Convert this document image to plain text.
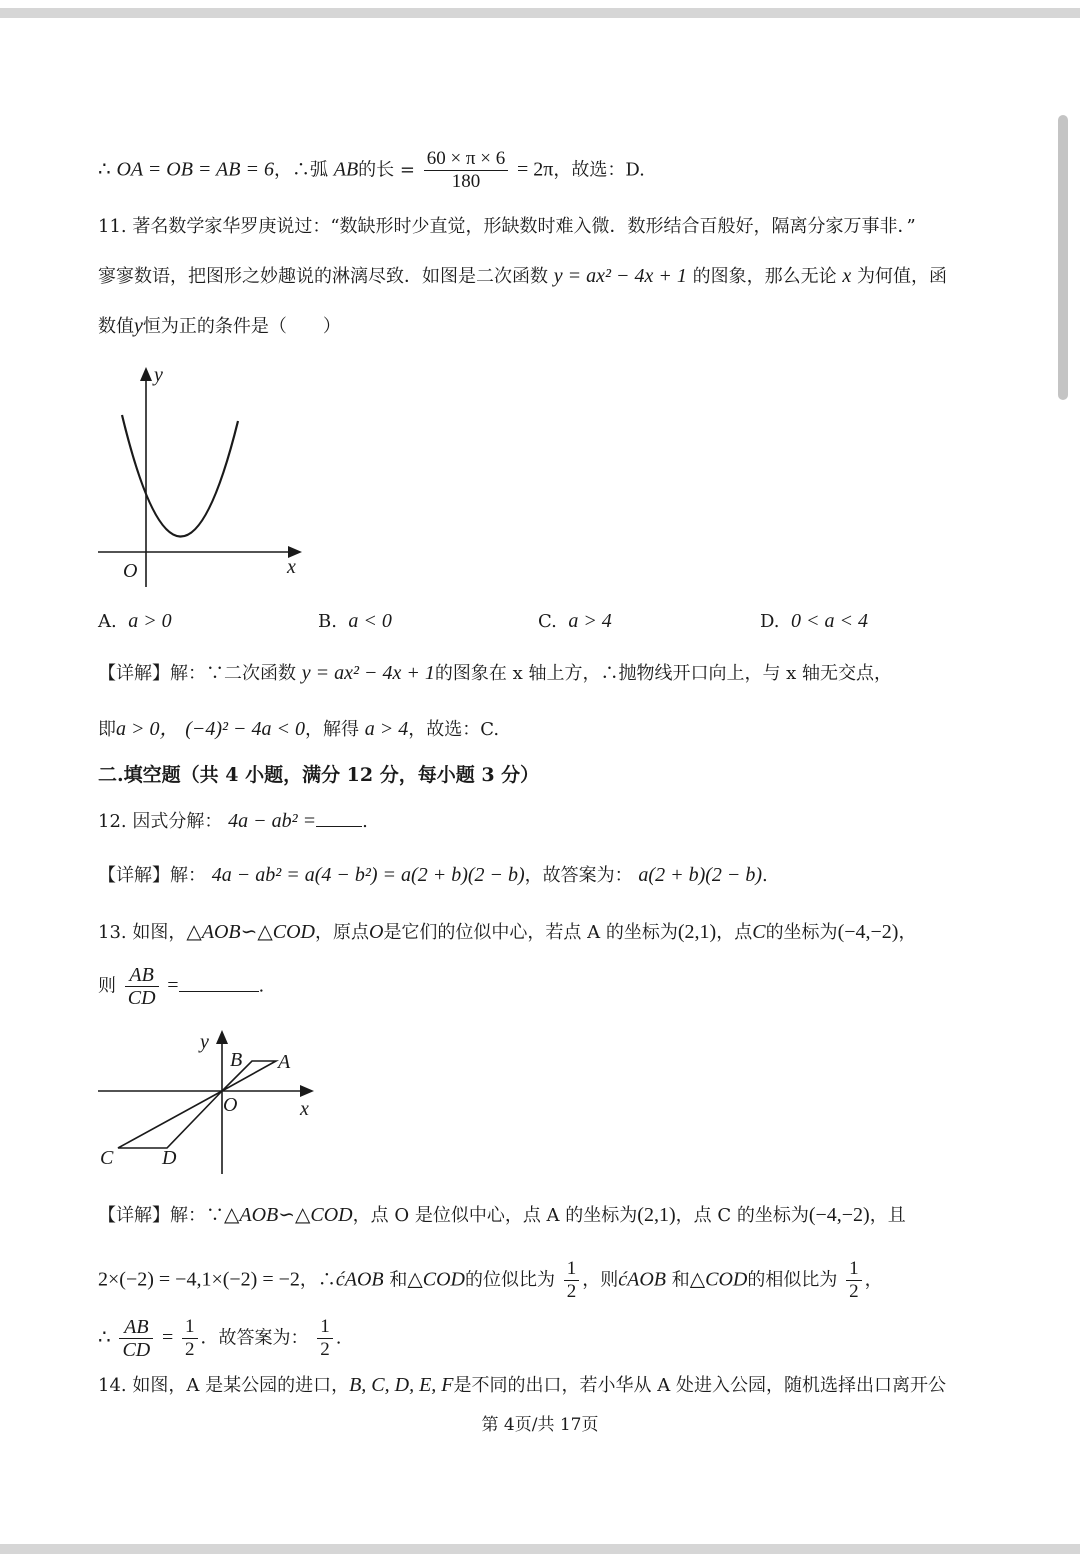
∴ OA = OB = AB = 6，∴弧 AB的长 = $\frac{60 \times \pi \times 6}{180} = 2\pi$，故选：D.
11. 著名数学家华罗庚说过：“数缺形时少直觉，形缺数时难入微．数形结合百般好，隔离分家万事非．”
寥寥数语，把图形之妙趣说的淋漓尽致．如图是二次函数 y = ax² − 4x + 1 的图象，那么无论 x 为何值，函
数值y恒为正的条件是（　　）
y
x
O
A. a > 0	B. a < 0	C. a > 4	D. 0 < a < 4
【详解】解：∵二次函数 y = ax² − 4x + 1的图象在 x 轴上方，∴抛物线开口向上，与 x 轴无交点，
即a > 0， (−4)² − 4a < 0，解得 a > 4，故选：C.
二.填空题（共 4 小题，满分 12 分，每小题 3 分）
12. 因式分解： 4a − ab² =	.
【详解】解： 4a − ab² = a(4 − b²) = a(2 + b)(2 − b)，故答案为： a(2 + b)(2 − b).
13. 如图，△AOB∽△COD，原点O是它们的位似中心，若点 A 的坐标为(2,1)，点C的坐标为(−4,−2)，
则 $\frac{AB}{CD}$ =	.
y
x
O
A
B
C D
【详解】解：∵△AOB∽△COD，点 O 是位似中心，点 A 的坐标为(2,1)，点 C 的坐标为(−4,−2)，且
2×(−2) = −4,1×(−2) = −2，∴ćAOB 和△COD的位似比为 $\frac{1}{2}$ ，则ćAOB 和△COD的相似比为 $\frac{1}{2}$ ，
∴ $\frac{AB}{CD} = \frac{1}{2}$ ．故答案为： $\frac{1}{2}$ .
14. 如图，A 是某公园的进口，B, C, D, E, F是不同的出口，若小华从 A 处进入公园，随机选择出口离开公
第 4页/共 17页
